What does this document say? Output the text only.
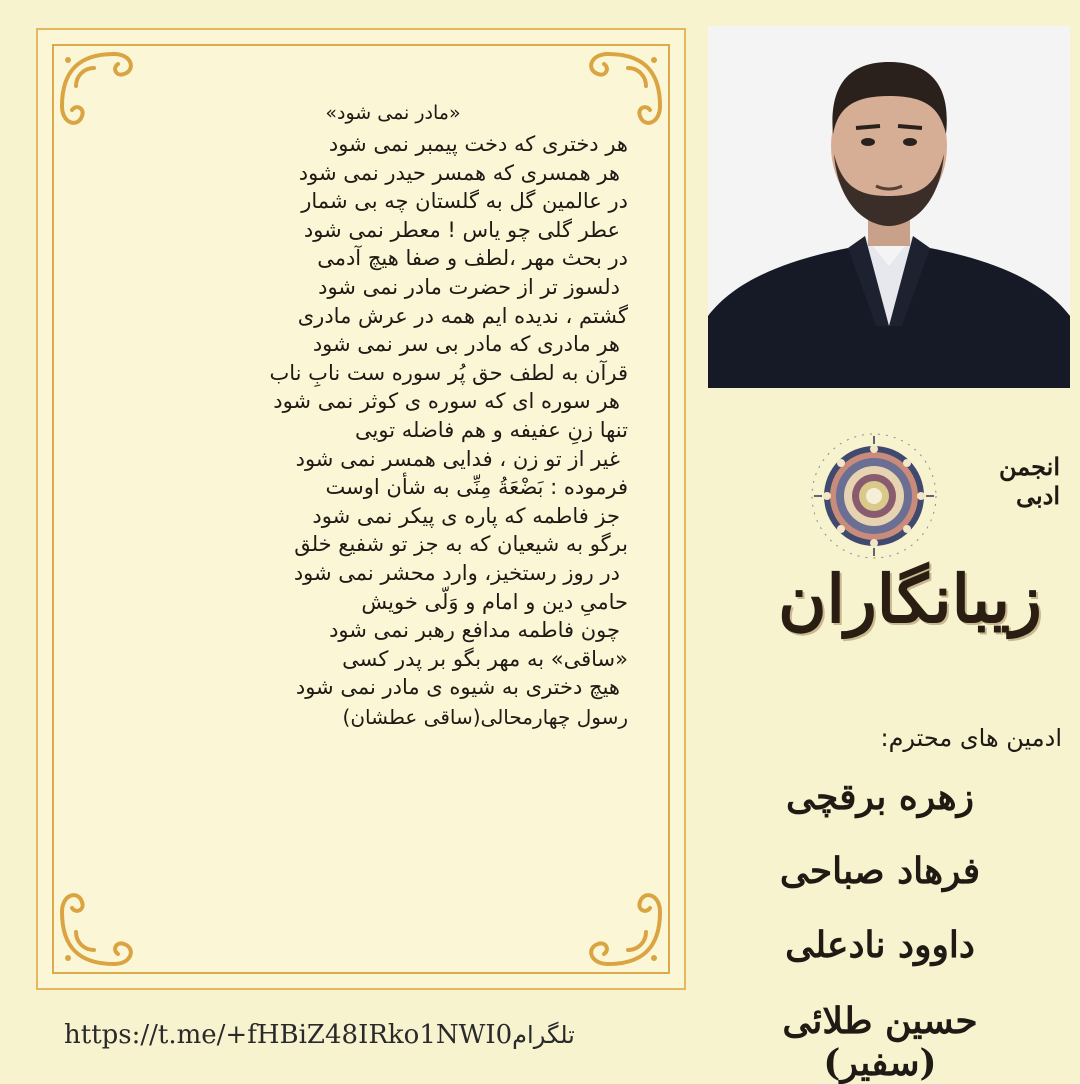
«مادر نمی شود»
هر دختری که دخت پیمبر نمی شود
هر همسری که همسر حیدر نمی شود
در عالمین گل به گلستان چه بی شمار
عطر گلی چو یاس ! معطر نمی شود
در بحث مهر ،لطف و صفا هیچ آدمی
دلسوز تر از حضرت مادر نمی شود
گشتم ، ندیده ایم همه در عرش مادری
هر مادری که مادر بی سر نمی شود
قرآن به لطف حق پُر سوره ست نابِ ناب
هر سوره ای که سوره ی کوثر نمی شود
تنها زنِ عفیفه و هم فاضله تویی
غیر از تو زن ، فدایی همسر نمی شود
فرموده : بَضْعَةُ مِنِّی به شأن اوست
جز فاطمه که پاره ی پیکر نمی شود
برگو به شیعیان که به جز تو شفیع خلق
در روز رستخیز، وارد محشر نمی شود
حامیِ دین و امام و وَلّی خویش
چون فاطمه مدافع رهبر نمی شود
«ساقی» به مهر بگو بر پدر کسی
هیچ دختری به شیوه ی مادر نمی شود
رسول چهارمحالی(ساقی عطشان)
انجمن ادبی
زیبانگاران
ادمین های محترم:
زهره برقچی
فرهاد صباحی
داوود نادعلی
حسین طلائی (سفیر)
https://t.me/+fHBiZ48IRko1NWI0تلگرام
